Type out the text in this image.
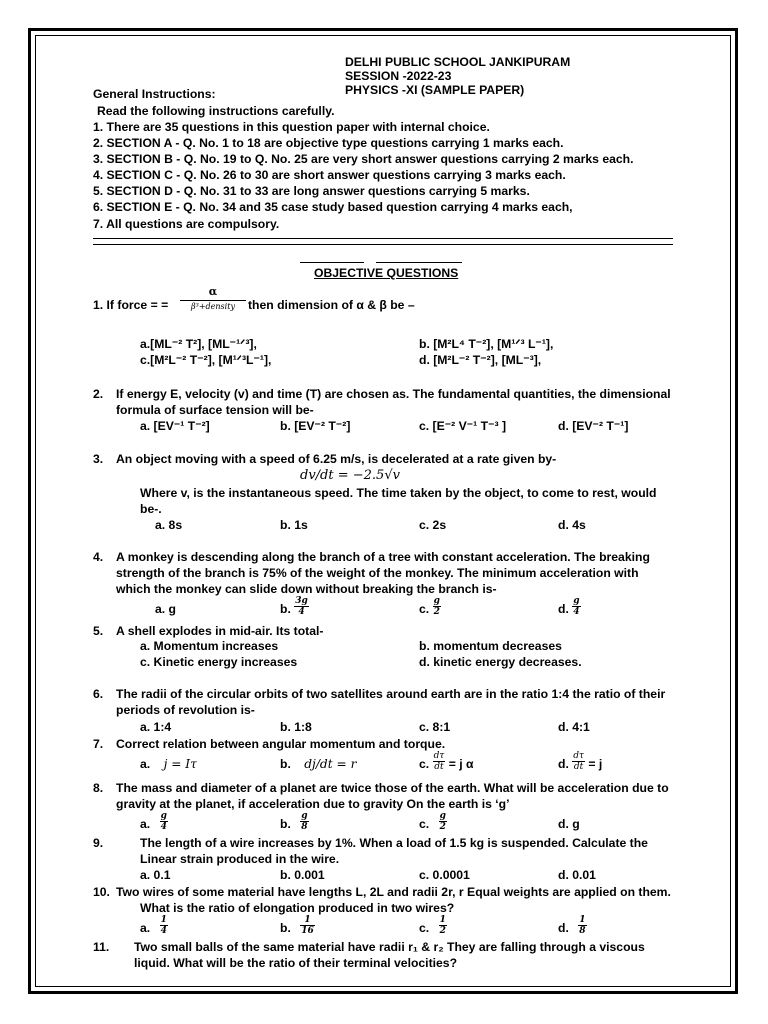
DELHI PUBLIC SCHOOL JANKIPURAM
SESSION -2022-23
PHYSICS -XI (SAMPLE PAPER)
General Instructions:
Read the following instructions carefully.
1. There are 35 questions in this question paper with internal choice.
2. SECTION A - Q. No. 1 to 18 are objective type questions carrying 1 marks each.
3. SECTION B - Q. No. 19 to Q. No. 25 are very short answer questions carrying 2 marks each.
4. SECTION C - Q. No. 26 to 30 are short answer questions carrying 3 marks each.
5. SECTION D - Q. No. 31 to 33 are long answer questions carrying 5 marks.
6. SECTION E - Q. No. 34 and 35 case study based question carrying 4 marks each,
7. All questions are compulsory.
OBJECTIVE QUESTIONS
1. If force = =
α
β³+density	then dimension of α & β be –
a.[ML⁻² T²], [ML⁻¹ᐟ³],	b. [M²L⁴ T⁻²], [M¹ᐟ³ L⁻¹],
c.[M²L⁻² T⁻²], [M¹ᐟ³L⁻¹],	d. [M²L⁻² T⁻²], [ML⁻³],
2. If energy E, velocity (v) and time (T) are chosen as. The fundamental quantities, the dimensional
formula of surface tension will be-
a. [EV⁻¹ T⁻²]	b. [EV⁻² T⁻²]	c. [E⁻² V⁻¹ T⁻³ ]	d. [EV⁻² T⁻¹]
3. An object moving with a speed of 6.25 m/s, is decelerated at a rate given by-
dv/dt = −2.5√v
Where v, is the instantaneous speed. The time taken by the object, to come to rest, would
be-.
a. 8s	b. 1s	c. 2s	d. 4s
4. A monkey is descending along the branch of a tree with constant acceleration. The breaking
strength of the branch is 75% of the weight of the monkey. The minimum acceleration with
which the monkey can slide down without breaking the branch is-
a. g	b. $\frac{3g}{4}$	c. $\frac{g}{2}$	d. $\frac{g}{4}$
5. A shell explodes in mid-air. Its total-
a. Momentum increases	b. momentum decreases
c. Kinetic energy increases	d. kinetic energy decreases.
6. The radii of the circular orbits of two satellites around earth are in the ratio 1:4 the ratio of their
periods of revolution is-
a. 1:4	b. 1:8	c. 8:1	d. 4:1
7. Correct relation between angular momentum and torque.
a. j = Iτ	b. dj/dt = r	c. $\frac{d\tau}{dt} = j$ α	d. $\frac{d\tau}{dt} = j$
8. The mass and diameter of a planet are twice those of the earth. What will be acceleration due to
gravity at the planet, if acceleration due to gravity On the earth is ‘g’
a. $\frac{g}{4}$	b. $\frac{g}{8}$	c. $\frac{g}{2}$	d. g
9.	The length of a wire increases by 1%. When a load of 1.5 kg is suspended. Calculate the
Linear strain produced in the wire.
a. 0.1	b. 0.001	c. 0.0001	d. 0.01
10. Two wires of some material have lengths L, 2L and radii 2r, r Equal weights are applied on them.
What is the ratio of elongation produced in two wires?
a. $\frac{1}{4}$	b. $\frac{1}{16}$	c. $\frac{1}{2}$	d. $\frac{1}{8}$
11. Two small balls of the same material have radii r₁ & r₂ They are falling through a viscous
liquid. What will be the ratio of their terminal velocities?
